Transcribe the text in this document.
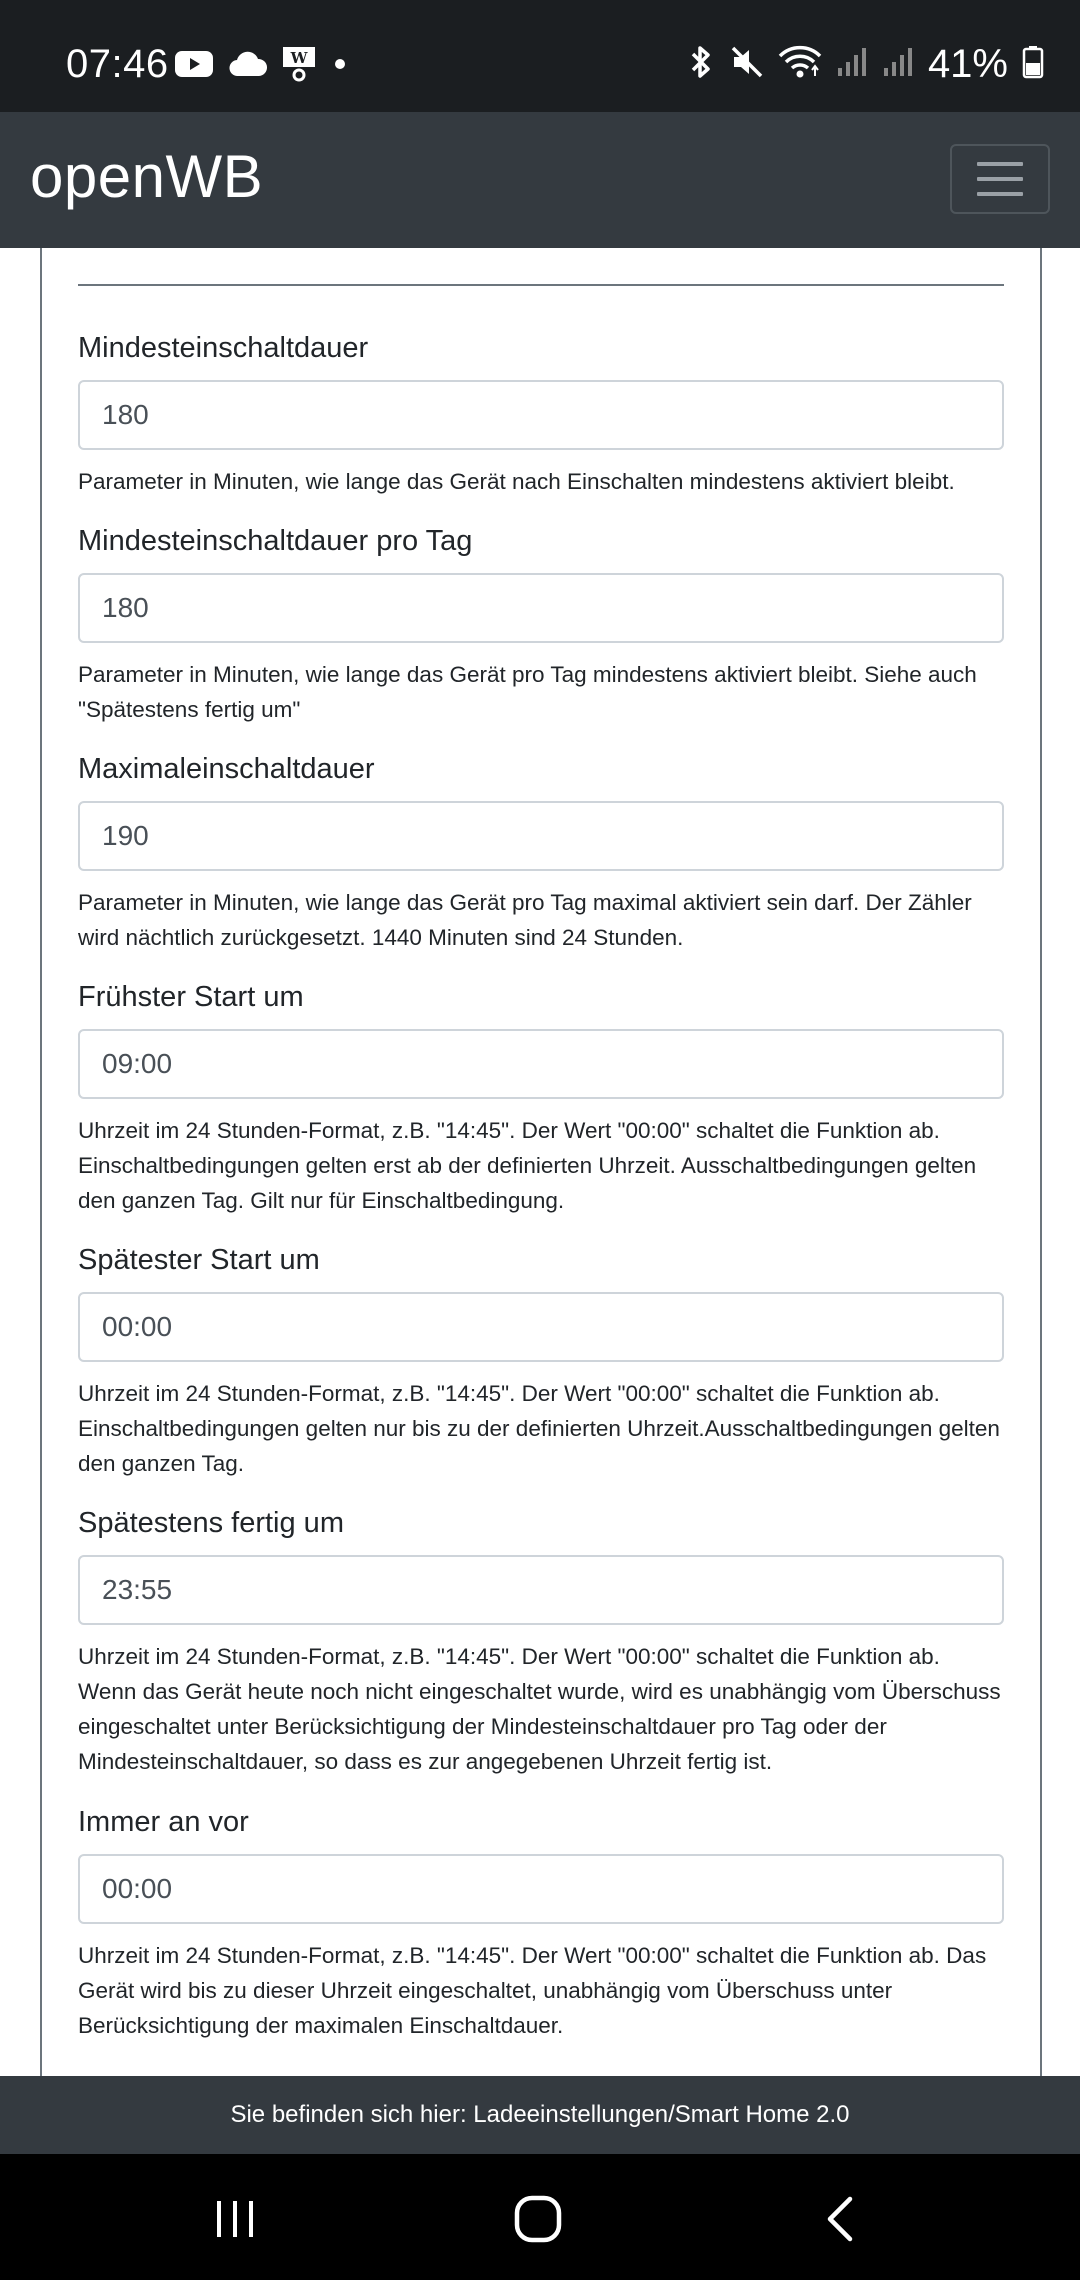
07:46	W	41%
openWB
Mindesteinschaltdauer
180
Parameter in Minuten, wie lange das Gerät nach Einschalten mindestens aktiviert bleibt.
Mindesteinschaltdauer pro Tag
180
Parameter in Minuten, wie lange das Gerät pro Tag mindestens aktiviert bleibt. Siehe auch "Spätestens fertig um"
Maximaleinschaltdauer
190
Parameter in Minuten, wie lange das Gerät pro Tag maximal aktiviert sein darf. Der Zähler wird nächtlich zurückgesetzt. 1440 Minuten sind 24 Stunden.
Frühster Start um
09:00
Uhrzeit im 24 Stunden-Format, z.B. "14:45". Der Wert "00:00" schaltet die Funktion ab. Einschaltbedingungen gelten erst ab der definierten Uhrzeit. Ausschaltbedingungen gelten den ganzen Tag. Gilt nur für Einschaltbedingung.
Spätester Start um
00:00
Uhrzeit im 24 Stunden-Format, z.B. "14:45". Der Wert "00:00" schaltet die Funktion ab. Einschaltbedingungen gelten nur bis zu der definierten Uhrzeit.Ausschaltbedingungen gelten den ganzen Tag.
Spätestens fertig um
23:55
Uhrzeit im 24 Stunden-Format, z.B. "14:45". Der Wert "00:00" schaltet die Funktion ab. Wenn das Gerät heute noch nicht eingeschaltet wurde, wird es unabhängig vom Überschuss eingeschaltet unter Berücksichtigung der Mindesteinschaltdauer pro Tag oder der Mindesteinschaltdauer, so dass es zur angegebenen Uhrzeit fertig ist.
Immer an vor
00:00
Uhrzeit im 24 Stunden-Format, z.B. "14:45". Der Wert "00:00" schaltet die Funktion ab. Das Gerät wird bis zu dieser Uhrzeit eingeschaltet, unabhängig vom Überschuss unter Berücksichtigung der maximalen Einschaltdauer.
Sie befinden sich hier: Ladeeinstellungen/Smart Home 2.0
